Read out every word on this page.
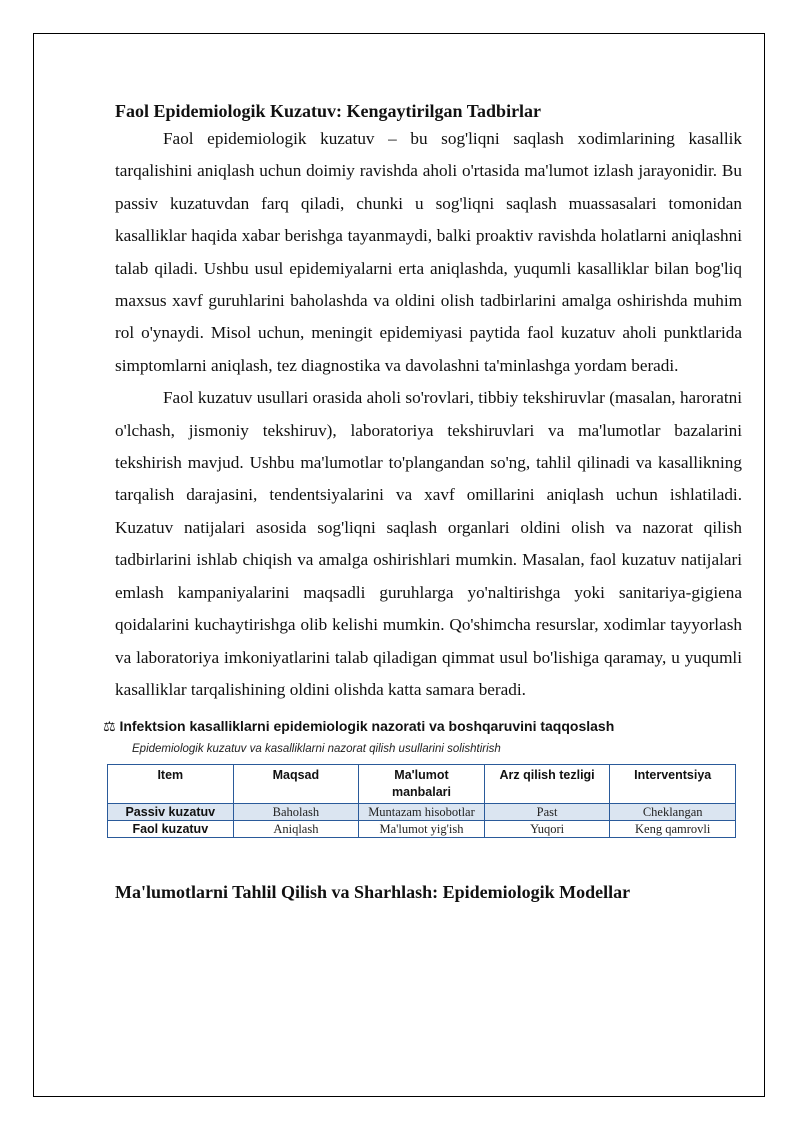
Faol Epidemiologik Kuzatuv: Kengaytirilgan Tadbirlar

Faol epidemiologik kuzatuv – bu sog'liqni saqlash xodimlarining kasallik tarqalishini aniqlash uchun doimiy ravishda aholi o'rtasida ma'lumot izlash jarayonidir. Bu passiv kuzatuvdan farq qiladi, chunki u sog'liqni saqlash muassasalari tomonidan kasalliklar haqida xabar berishga tayanmaydi, balki proaktiv ravishda holatlarni aniqlashni talab qiladi. Ushbu usul epidemiyalarni erta aniqlashda, yuqumli kasalliklar bilan bog'liq maxsus xavf guruhlarini baholashda va oldini olish tadbirlarini amalga oshirishda muhim rol o'ynaydi. Misol uchun, meningit epidemiyasi paytida faol kuzatuv aholi punktlarida simptomlarni aniqlash, tez diagnostika va davolashni ta'minlashga yordam beradi.

Faol kuzatuv usullari orasida aholi so'rovlari, tibbiy tekshiruvlar (masalan, haroratni o'lchash, jismoniy tekshiruv), laboratoriya tekshiruvlari va ma'lumotlar bazalarini tekshirish mavjud. Ushbu ma'lumotlar to'plangandan so'ng, tahlil qilinadi va kasallikning tarqalish darajasini, tendentsiyalarini va xavf omillarini aniqlash uchun ishlatiladi. Kuzatuv natijalari asosida sog'liqni saqlash organlari oldini olish va nazorat qilish tadbirlarini ishlab chiqish va amalga oshirishlari mumkin. Masalan, faol kuzatuv natijalari emlash kampaniyalarini maqsadli guruhlarga yo'naltirishga yoki sanitariya-gigiena qoidalarini kuchaytirishga olib kelishi mumkin. Qo'shimcha resurslar, xodimlar tayyorlash va laboratoriya imkoniyatlarini talab qiladigan qimmat usul bo'lishiga qaramay, u yuqumli kasalliklar tarqalishining oldini olishda katta samara beradi.

⚖ Infektsion kasalliklarni epidemiologik nazorati va boshqaruvini taqqoslash
Epidemiologik kuzatuv va kasalliklarni nazorat qilish usullarini solishtirish
Item	Maqsad	Ma'lumot manbalari	Arz qilish tezligi	Interventsiya
Passiv kuzatuv	Baholash	Muntazam hisobotlar	Past	Cheklangan
Faol kuzatuv	Aniqlash	Ma'lumot yig'ish	Yuqori	Keng qamrovli
Ma'lumotlarni Tahlil Qilish va Sharhlash: Epidemiologik Modellar
